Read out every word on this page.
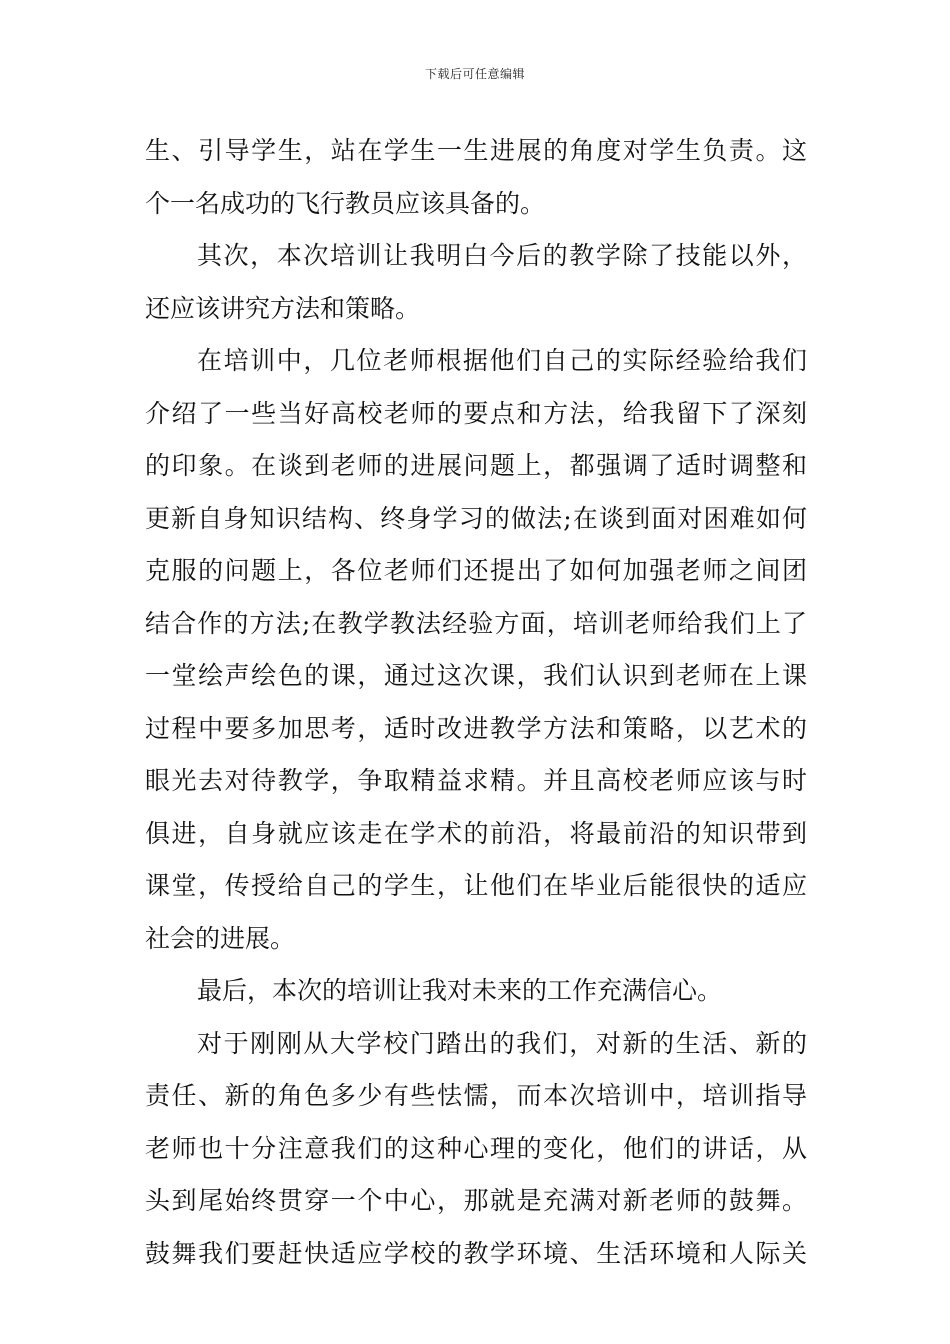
下载后可任意编辑
生、引导学生，站在学生一生进展的角度对学生负责。这
个一名成功的飞行教员应该具备的。
其次，本次培训让我明白今后的教学除了技能以外，
还应该讲究方法和策略。
在培训中，几位老师根据他们自己的实际经验给我们
介绍了一些当好高校老师的要点和方法，给我留下了深刻
的印象。在谈到老师的进展问题上，都强调了适时调整和
更新自身知识结构、终身学习的做法;在谈到面对困难如何
克服的问题上，各位老师们还提出了如何加强老师之间团
结合作的方法;在教学教法经验方面，培训老师给我们上了
一堂绘声绘色的课，通过这次课，我们认识到老师在上课
过程中要多加思考，适时改进教学方法和策略，以艺术的
眼光去对待教学，争取精益求精。并且高校老师应该与时
俱进，自身就应该走在学术的前沿，将最前沿的知识带到
课堂，传授给自己的学生，让他们在毕业后能很快的适应
社会的进展。
最后，本次的培训让我对未来的工作充满信心。
对于刚刚从大学校门踏出的我们，对新的生活、新的
责任、新的角色多少有些怯懦，而本次培训中，培训指导
老师也十分注意我们的这种心理的变化，他们的讲话，从
头到尾始终贯穿一个中心，那就是充满对新老师的鼓舞。
鼓舞我们要赶快适应学校的教学环境、生活环境和人际关
